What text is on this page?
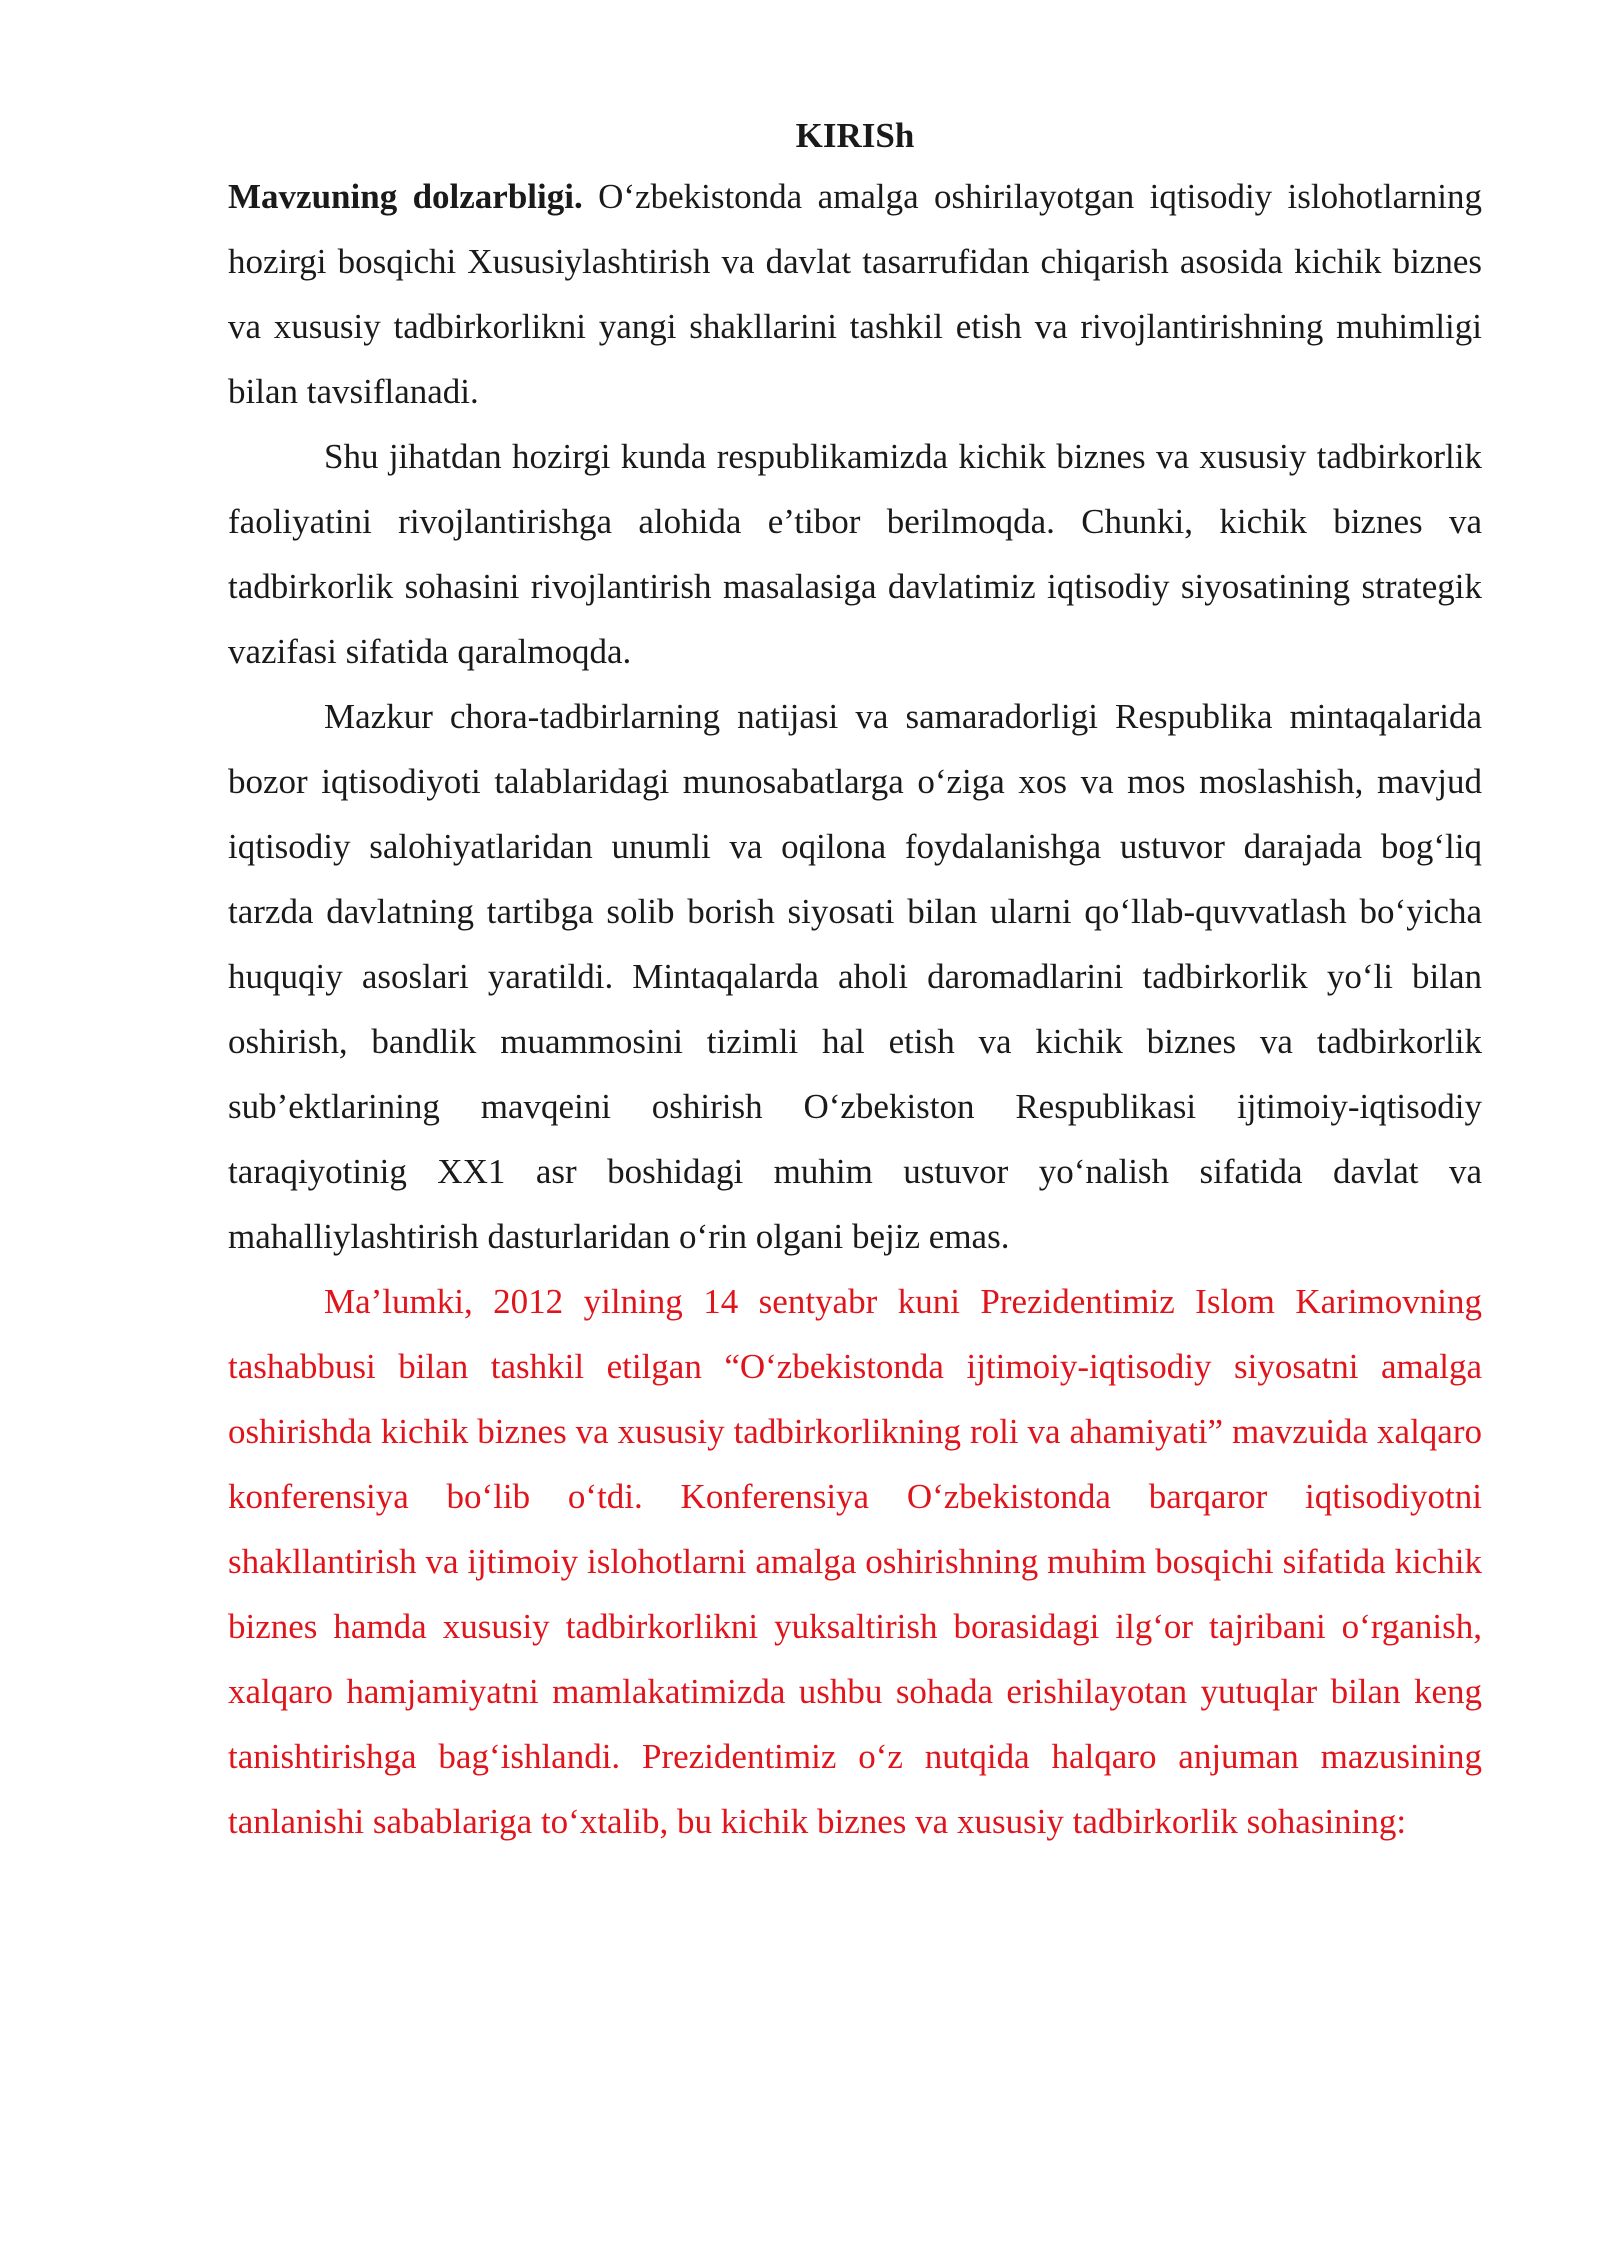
KIRISh

Mavzuning dolzarbligi. O‘zbekistonda amalga oshirilayotgan iqtisodiy islohotlarning hozirgi bosqichi Xususiylashtirish va davlat tasarrufidan chiqarish asosida kichik biznes va xususiy tadbirkorlikni yangi shakllarini tashkil etish va rivojlantirishning muhimligi bilan tavsiflanadi.

Shu jihatdan hozirgi kunda respublikamizda kichik biznes va xususiy tadbirkorlik faoliyatini rivojlantirishga alohida e’tibor berilmoqda. Chunki, kichik biznes va tadbirkorlik sohasini rivojlantirish masalasiga davlatimiz iqtisodiy siyosatining strategik vazifasi sifatida qaralmoqda.

Mazkur chora-tadbirlarning natijasi va samaradorligi Respublika mintaqalarida bozor iqtisodiyoti talablaridagi munosabatlarga o‘ziga xos va mos moslashish, mavjud iqtisodiy salohiyatlaridan unumli va oqilona foydalanishga ustuvor darajada bog‘liq tarzda davlatning tartibga solib borish siyosati bilan ularni qo‘llab-quvvatlash bo‘yicha huquqiy asoslari yaratildi. Mintaqalarda aholi daromadlarini tadbirkorlik yo‘li bilan oshirish, bandlik muammosini tizimli hal etish va kichik biznes va tadbirkorlik sub’ektlarining mavqeini oshirish O‘zbekiston Respublikasi ijtimoiy-iqtisodiy taraqiyotinig XX1 asr boshidagi muhim ustuvor yo‘nalish sifatida davlat va mahalliylashtirish dasturlaridan o‘rin olgani bejiz emas.

Ma’lumki, 2012 yilning 14 sentyabr kuni Prezidentimiz Islom Karimovning tashabbusi bilan tashkil etilgan “O‘zbekistonda ijtimoiy-iqtisodiy siyosatni amalga oshirishda kichik biznes va xususiy tadbirkorlikning roli va ahamiyati” mavzuida xalqaro konferensiya bo‘lib o‘tdi. Konferensiya O‘zbekistonda barqaror iqtisodiyotni shakllantirish va ijtimoiy islohotlarni amalga oshirishning muhim bosqichi sifatida kichik biznes hamda xususiy tadbirkorlikni yuksaltirish borasidagi ilg‘or tajribani o‘rganish, xalqaro hamjamiyatni mamlakatimizda ushbu sohada erishilayotan yutuqlar bilan keng tanishtirishga bag‘ishlandi. Prezidentimiz o‘z nutqida halqaro anjuman mazusining tanlanishi sabablariga to‘xtalib, bu kichik biznes va xususiy tadbirkorlik sohasining:
